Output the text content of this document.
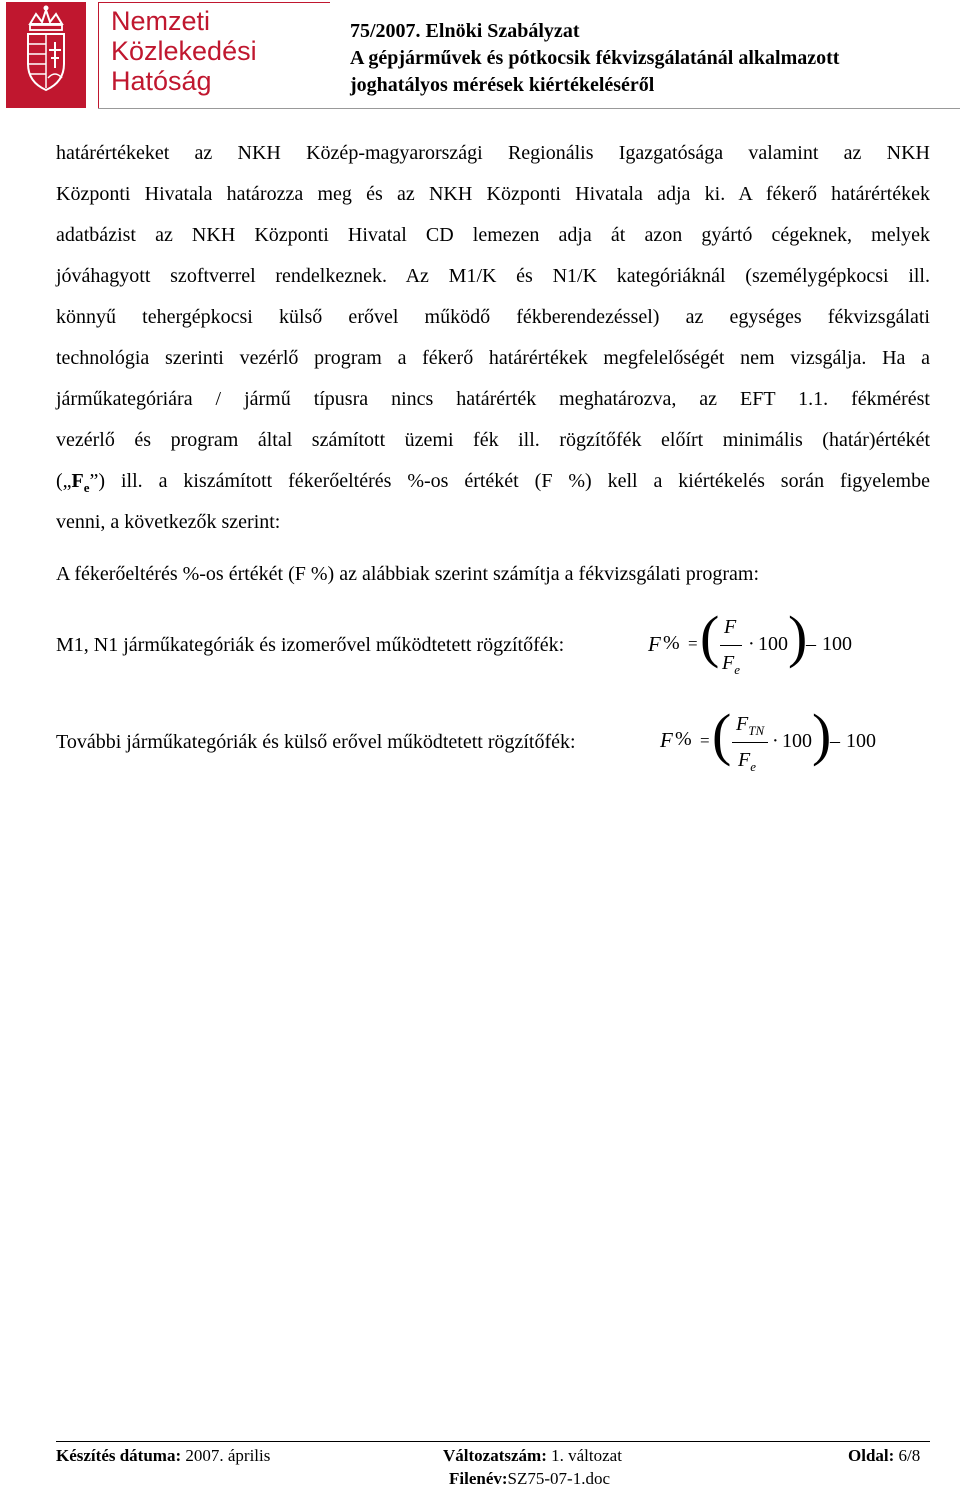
Nemzeti
Közlekedési
Hatóság
75/2007. Elnöki Szabályzat
A gépjárművek és pótkocsik fékvizsgálatánál alkalmazott
joghatályos mérések kiértékeléséről
határértékeket az NKH Közép-magyarországi Regionális Igazgatósága valamint az NKH
Központi Hivatala határozza meg és az NKH Központi Hivatala adja ki. A fékerő határértékek
adatbázist az NKH Központi Hivatal CD lemezen adja át azon gyártó cégeknek, melyek
jóváhagyott szoftverrel rendelkeznek. Az M1/K és N1/K kategóriáknál (személygépkocsi ill.
könnyű tehergépkocsi külső erővel működő fékberendezéssel) az egységes fékvizsgálati
technológia szerinti vezérlő program a fékerő határértékek megfelelőségét nem vizsgálja. Ha a
járműkategóriára / jármű típusra nincs határérték meghatározva, az EFT 1.1. fékmérést
vezérlő és program által számított üzemi fék ill. rögzítőfék előírt minimális (határ)értékét
$(„F_e”)$ ill. a kiszámított fékerőeltérés %-os értékét (F %) kell a kiértékelés során figyelembe
venni, a következők szerint:
A fékerőeltérés %-os értékét (F %) az alábbiak szerint számítja a fékvizsgálati program:
M1, N1 járműkategóriák és izomerővel működtetett rögzítőfék:	F % = ( F
$F_e$
· 100 )
– 100
További járműkategóriák és külső erővel működtetett rögzítőfék:	F % = ( $F_{TN}$
$F_e$
· 100 )
– 100
Készítés dátuma: 2007. április	Változatszám: 1. változat	Oldal: 6/8
Filenév:SZ75-07-1.doc
